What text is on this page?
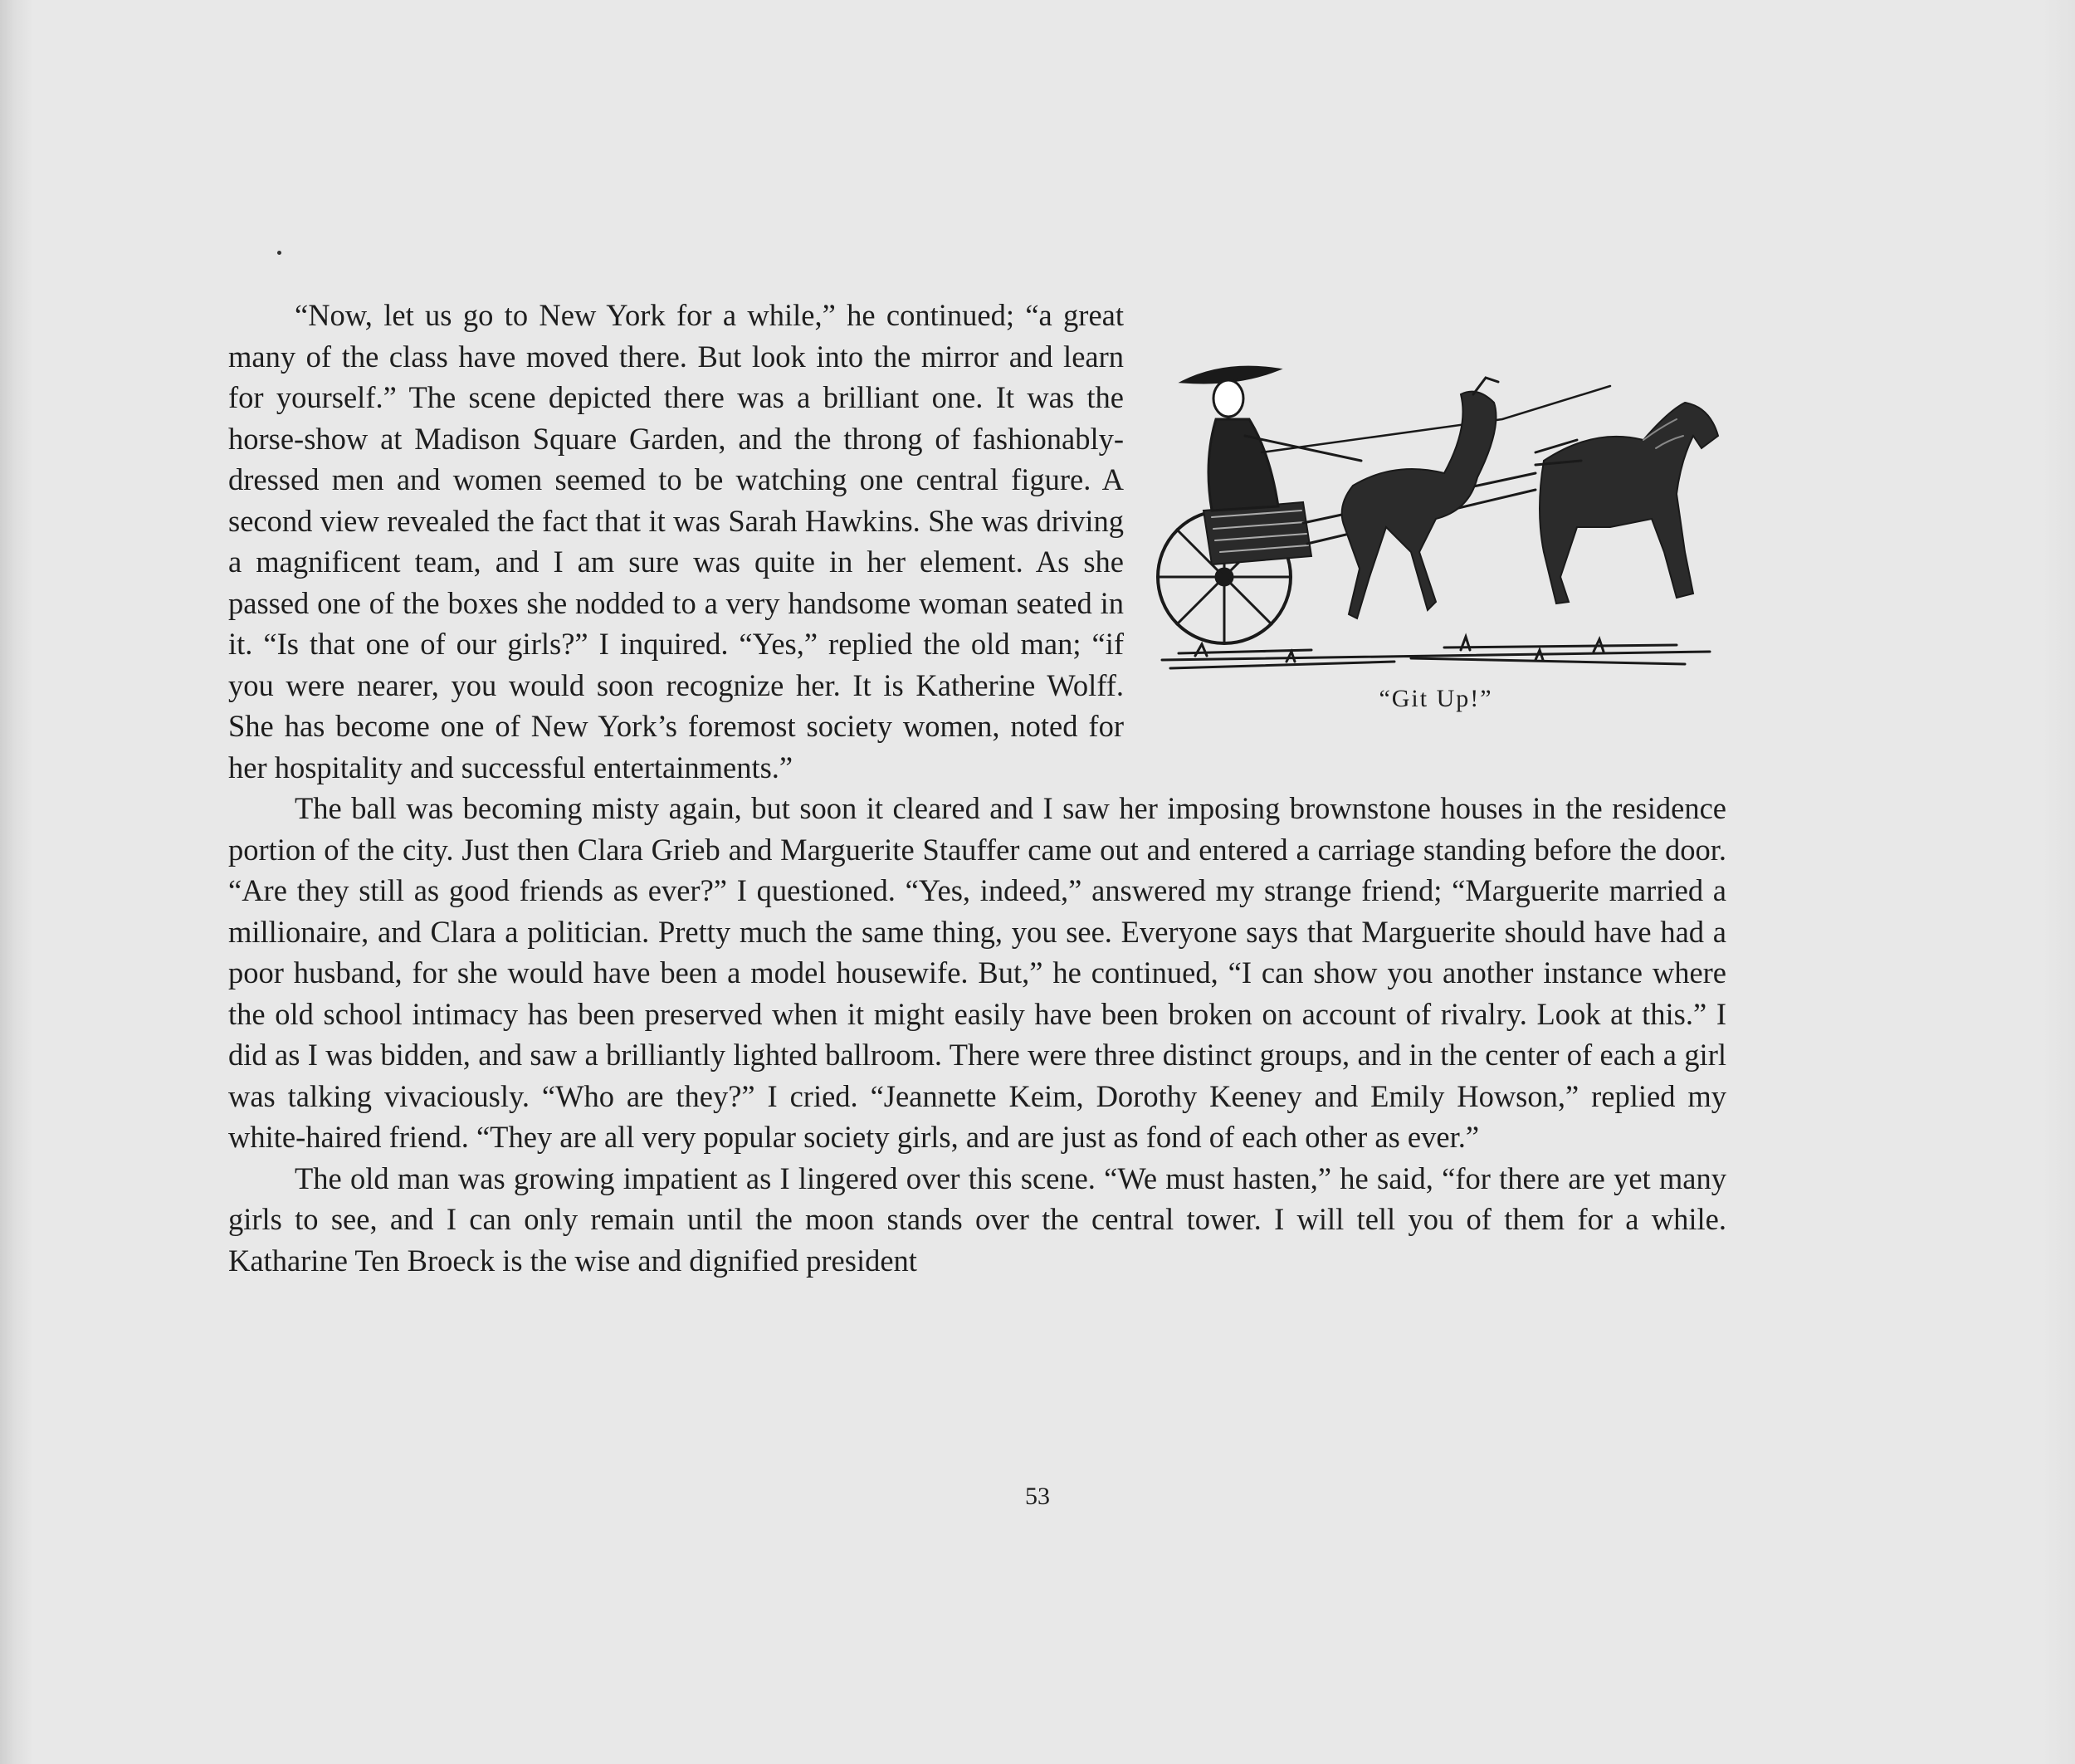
“Git Up!”

“Now, let us go to New York for a while,” he continued; “a great many of the class have moved there. But look into the mirror and learn for yourself.” The scene depicted there was a brilliant one. It was the horse-show at Madison Square Garden, and the throng of fashionably-dressed men and women seemed to be watching one central figure. A second view revealed the fact that it was Sarah Hawkins. She was driving a magnificent team, and I am sure was quite in her element. As she passed one of the boxes she nodded to a very handsome woman seated in it. “Is that one of our girls?” I inquired. “Yes,” replied the old man; “if you were nearer, you would soon recognize her. It is Katherine Wolff. She has become one of New York’s foremost society women, noted for her hospitality and successful entertainments.”

The ball was becoming misty again, but soon it cleared and I saw her imposing brownstone houses in the residence portion of the city. Just then Clara Grieb and Marguerite Stauffer came out and entered a carriage standing before the door. “Are they still as good friends as ever?” I questioned. “Yes, indeed,” answered my strange friend; “Marguerite married a millionaire, and Clara a politician. Pretty much the same thing, you see. Everyone says that Marguerite should have had a poor husband, for she would have been a model housewife. But,” he continued, “I can show you another instance where the old school intimacy has been preserved when it might easily have been broken on account of rivalry. Look at this.” I did as I was bidden, and saw a brilliantly lighted ballroom. There were three distinct groups, and in the center of each a girl was talking vivaciously. “Who are they?” I cried. “Jeannette Keim, Dorothy Keeney and Emily Howson,” replied my white-haired friend. “They are all very popular society girls, and are just as fond of each other as ever.”

The old man was growing impatient as I lingered over this scene. “We must hasten,” he said, “for there are yet many girls to see, and I can only remain until the moon stands over the central tower. I will tell you of them for a while. Katharine Ten Broeck is the wise and dignified president

53
